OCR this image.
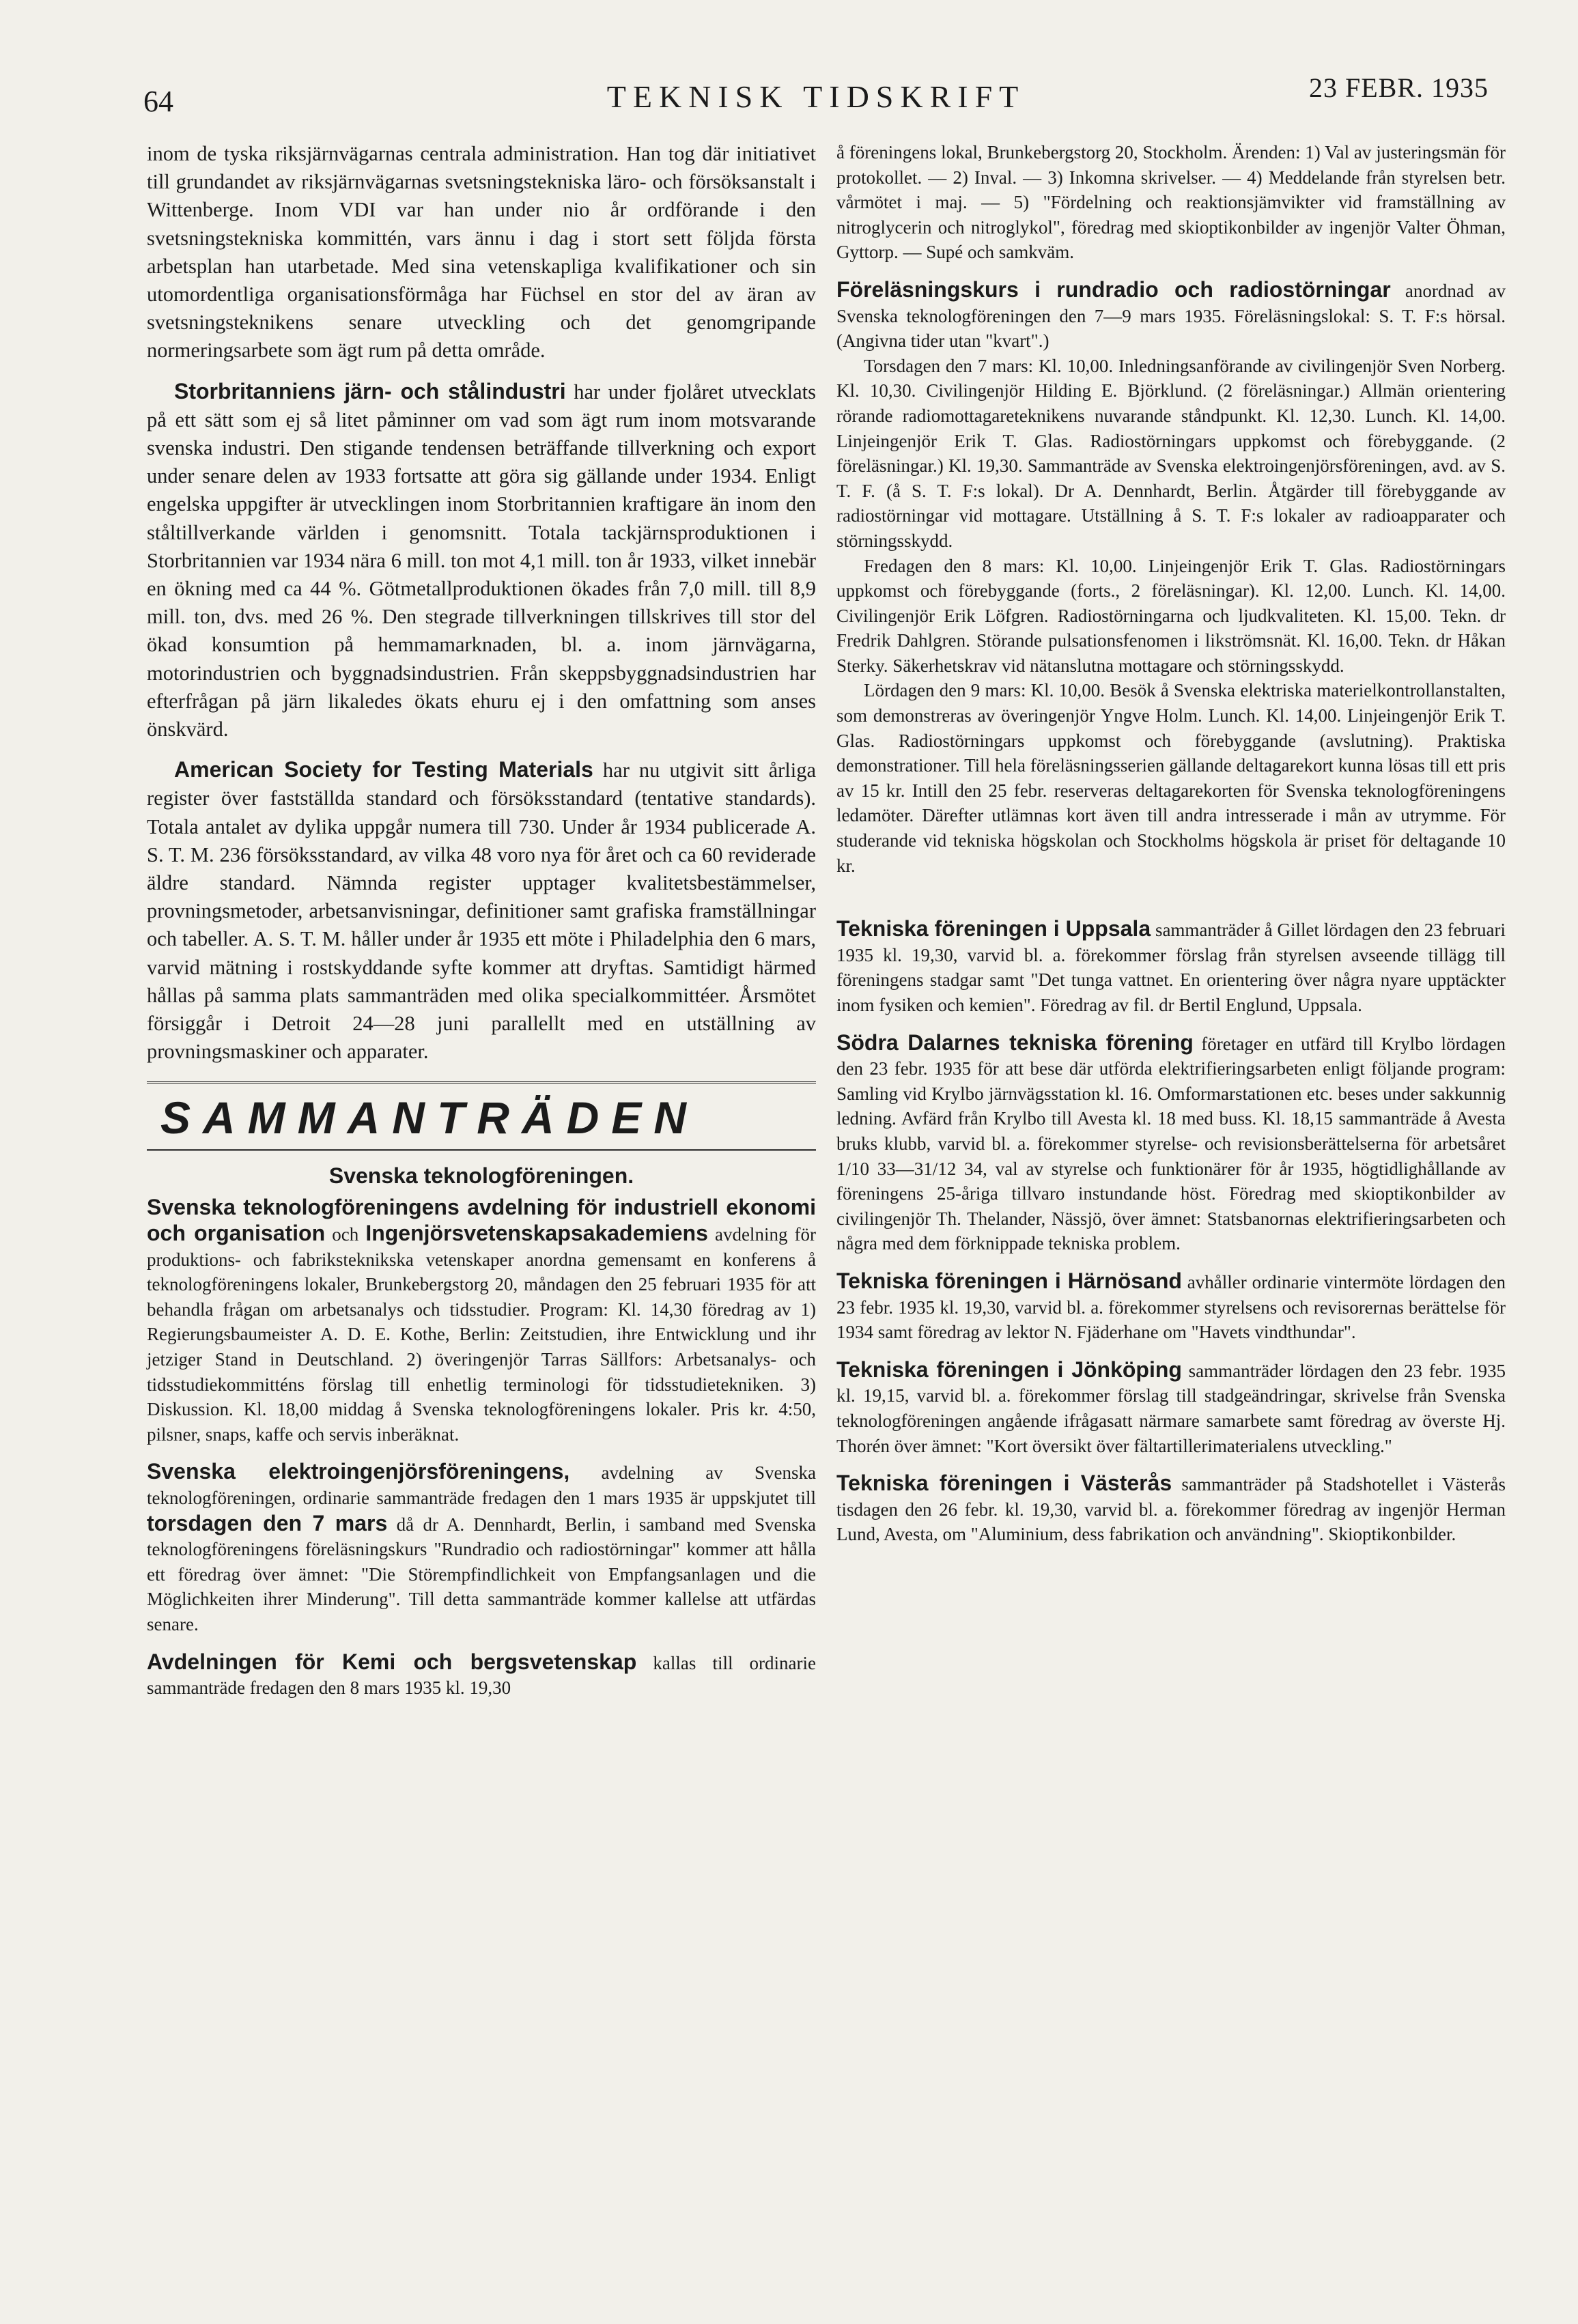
64	TEKNISK TIDSKRIFT	23 FEBR. 1935

inom de tyska riksjärnvägarnas centrala administration. Han tog där initiativet till grundandet av riksjärnvägarnas svetsningstekniska läro- och försöksanstalt i Wittenberge. Inom VDI var han under nio år ordförande i den svetsningstekniska kommittén, vars ännu i dag i stort sett följda första arbetsplan han utarbetade. Med sina vetenskapliga kvalifikationer och sin utomordentliga organisationsförmåga har Füchsel en stor del av äran av svetsningsteknikens senare utveckling och det genomgripande normeringsarbete som ägt rum på detta område.

Storbritanniens järn- och stålindustri har under fjolåret utvecklats på ett sätt som ej så litet påminner om vad som ägt rum inom motsvarande svenska industri. Den stigande tendensen beträffande tillverkning och export under senare delen av 1933 fortsatte att göra sig gällande under 1934. Enligt engelska uppgifter är utvecklingen inom Storbritannien kraftigare än inom den ståltillverkande världen i genomsnitt. Totala tackjärnsproduktionen i Storbritannien var 1934 nära 6 mill. ton mot 4,1 mill. ton år 1933, vilket innebär en ökning med ca 44 %. Götmetallproduktionen ökades från 7,0 mill. till 8,9 mill. ton, dvs. med 26 %. Den stegrade tillverkningen tillskrives till stor del ökad konsumtion på hemmamarknaden, bl. a. inom järnvägarna, motorindustrien och byggnadsindustrien. Från skeppsbyggnadsindustrien har efterfrågan på järn likaledes ökats ehuru ej i den omfattning som anses önskvärd.

American Society for Testing Materials har nu utgivit sitt årliga register över fastställda standard och försöksstandard (tentative standards). Totala antalet av dylika uppgår numera till 730. Under år 1934 publicerade A. S. T. M. 236 försöksstandard, av vilka 48 voro nya för året och ca 60 reviderade äldre standard. Nämnda register upptager kvalitetsbestämmelser, provningsmetoder, arbetsanvisningar, definitioner samt grafiska framställningar och tabeller. A. S. T. M. håller under år 1935 ett möte i Philadelphia den 6 mars, varvid mätning i rostskyddande syfte kommer att dryftas. Samtidigt härmed hållas på samma plats sammanträden med olika specialkommittéer. Årsmötet försiggår i Detroit 24—28 juni parallellt med en utställning av provningsmaskiner och apparater.

SAMMANTRÄDEN
Svenska teknologföreningen.

Svenska teknologföreningens avdelning för industriell ekonomi och organisation och Ingenjörsvetenskapsakademiens avdelning för produktions- och fabriksteknikska vetenskaper anordna gemensamt en konferens å teknologföreningens lokaler, Brunkebergstorg 20, måndagen den 25 februari 1935 för att behandla frågan om arbetsanalys och tidsstudier. Program: Kl. 14,30 föredrag av 1) Regierungsbaumeister A. D. E. Kothe, Berlin: Zeitstudien, ihre Entwicklung und ihr jetziger Stand in Deutschland. 2) överingenjör Tarras Sällfors: Arbetsanalys- och tidsstudiekommitténs förslag till enhetlig terminologi för tidsstudietekniken. 3) Diskussion. Kl. 18,00 middag å Svenska teknologföreningens lokaler. Pris kr. 4:50, pilsner, snaps, kaffe och servis inberäknat.

Svenska elektroingenjörsföreningens, avdelning av Svenska teknologföreningen, ordinarie sammanträde fredagen den 1 mars 1935 är uppskjutet till torsdagen den 7 mars då dr A. Dennhardt, Berlin, i samband med Svenska teknologföreningens föreläsningskurs "Rundradio och radiostörningar" kommer att hålla ett föredrag över ämnet: "Die Störempfindlichkeit von Empfangsanlagen und die Möglichkeiten ihrer Minderung". Till detta sammanträde kommer kallelse att utfärdas senare.

Avdelningen för Kemi och bergsvetenskap kallas till ordinarie sammanträde fredagen den 8 mars 1935 kl. 19,30

å föreningens lokal, Brunkebergstorg 20, Stockholm. Ärenden: 1) Val av justeringsmän för protokollet. — 2) Inval. — 3) Inkomna skrivelser. — 4) Meddelande från styrelsen betr. vårmötet i maj. — 5) "Fördelning och reaktionsjämvikter vid framställning av nitroglycerin och nitroglykol", föredrag med skioptikonbilder av ingenjör Valter Öhman, Gyttorp. — Supé och samkväm.

Föreläsningskurs i rundradio och radiostörningar anordnad av Svenska teknologföreningen den 7—9 mars 1935. Föreläsningslokal: S. T. F:s hörsal. (Angivna tider utan "kvart".)

Torsdagen den 7 mars: Kl. 10,00. Inledningsanförande av civilingenjör Sven Norberg. Kl. 10,30. Civilingenjör Hilding E. Björklund. (2 föreläsningar.) Allmän orientering rörande radiomottagareteknikens nuvarande ståndpunkt. Kl. 12,30. Lunch. Kl. 14,00. Linjeingenjör Erik T. Glas. Radiostörningars uppkomst och förebyggande. (2 föreläsningar.) Kl. 19,30. Sammanträde av Svenska elektroingenjörsföreningen, avd. av S. T. F. (å S. T. F:s lokal). Dr A. Dennhardt, Berlin. Åtgärder till förebyggande av radiostörningar vid mottagare. Utställning å S. T. F:s lokaler av radioapparater och störningsskydd.

Fredagen den 8 mars: Kl. 10,00. Linjeingenjör Erik T. Glas. Radiostörningars uppkomst och förebyggande (forts., 2 föreläsningar). Kl. 12,00. Lunch. Kl. 14,00. Civilingenjör Erik Löfgren. Radiostörningarna och ljudkvaliteten. Kl. 15,00. Tekn. dr Fredrik Dahlgren. Störande pulsationsfenomen i likströmsnät. Kl. 16,00. Tekn. dr Håkan Sterky. Säkerhetskrav vid nätanslutna mottagare och störningsskydd.

Lördagen den 9 mars: Kl. 10,00. Besök å Svenska elektriska materielkontrollanstalten, som demonstreras av överingenjör Yngve Holm. Lunch. Kl. 14,00. Linjeingenjör Erik T. Glas. Radiostörningars uppkomst och förebyggande (avslutning). Praktiska demonstrationer. Till hela föreläsningsserien gällande deltagarekort kunna lösas till ett pris av 15 kr. Intill den 25 febr. reserveras deltagarekorten för Svenska teknologföreningens ledamöter. Därefter utlämnas kort även till andra intresserade i mån av utrymme. För studerande vid tekniska högskolan och Stockholms högskola är priset för deltagande 10 kr.

Tekniska föreningen i Uppsala sammanträder å Gillet lördagen den 23 februari 1935 kl. 19,30, varvid bl. a. förekommer förslag från styrelsen avseende tillägg till föreningens stadgar samt "Det tunga vattnet. En orientering över några nyare upptäckter inom fysiken och kemien". Föredrag av fil. dr Bertil Englund, Uppsala.

Södra Dalarnes tekniska förening företager en utfärd till Krylbo lördagen den 23 febr. 1935 för att bese där utförda elektrifieringsarbeten enligt följande program: Samling vid Krylbo järnvägsstation kl. 16. Omformarstationen etc. beses under sakkunnig ledning. Avfärd från Krylbo till Avesta kl. 18 med buss. Kl. 18,15 sammanträde å Avesta bruks klubb, varvid bl. a. förekommer styrelse- och revisionsberättelserna för arbetsåret 1/10 33—31/12 34, val av styrelse och funktionärer för år 1935, högtidlighållande av föreningens 25-åriga tillvaro instundande höst. Föredrag med skioptikonbilder av civilingenjör Th. Thelander, Nässjö, över ämnet: Statsbanornas elektrifieringsarbeten och några med dem förknippade tekniska problem.

Tekniska föreningen i Härnösand avhåller ordinarie vintermöte lördagen den 23 febr. 1935 kl. 19,30, varvid bl. a. förekommer styrelsens och revisorernas berättelse för 1934 samt föredrag av lektor N. Fjäderhane om "Havets vindthundar".

Tekniska föreningen i Jönköping sammanträder lördagen den 23 febr. 1935 kl. 19,15, varvid bl. a. förekommer förslag till stadgeändringar, skrivelse från Svenska teknologföreningen angående ifrågasatt närmare samarbete samt föredrag av överste Hj. Thorén över ämnet: "Kort översikt över fältartillerimaterialens utveckling."

Tekniska föreningen i Västerås sammanträder på Stadshotellet i Västerås tisdagen den 26 febr. kl. 19,30, varvid bl. a. förekommer föredrag av ingenjör Herman Lund, Avesta, om "Aluminium, dess fabrikation och användning". Skioptikonbilder.
